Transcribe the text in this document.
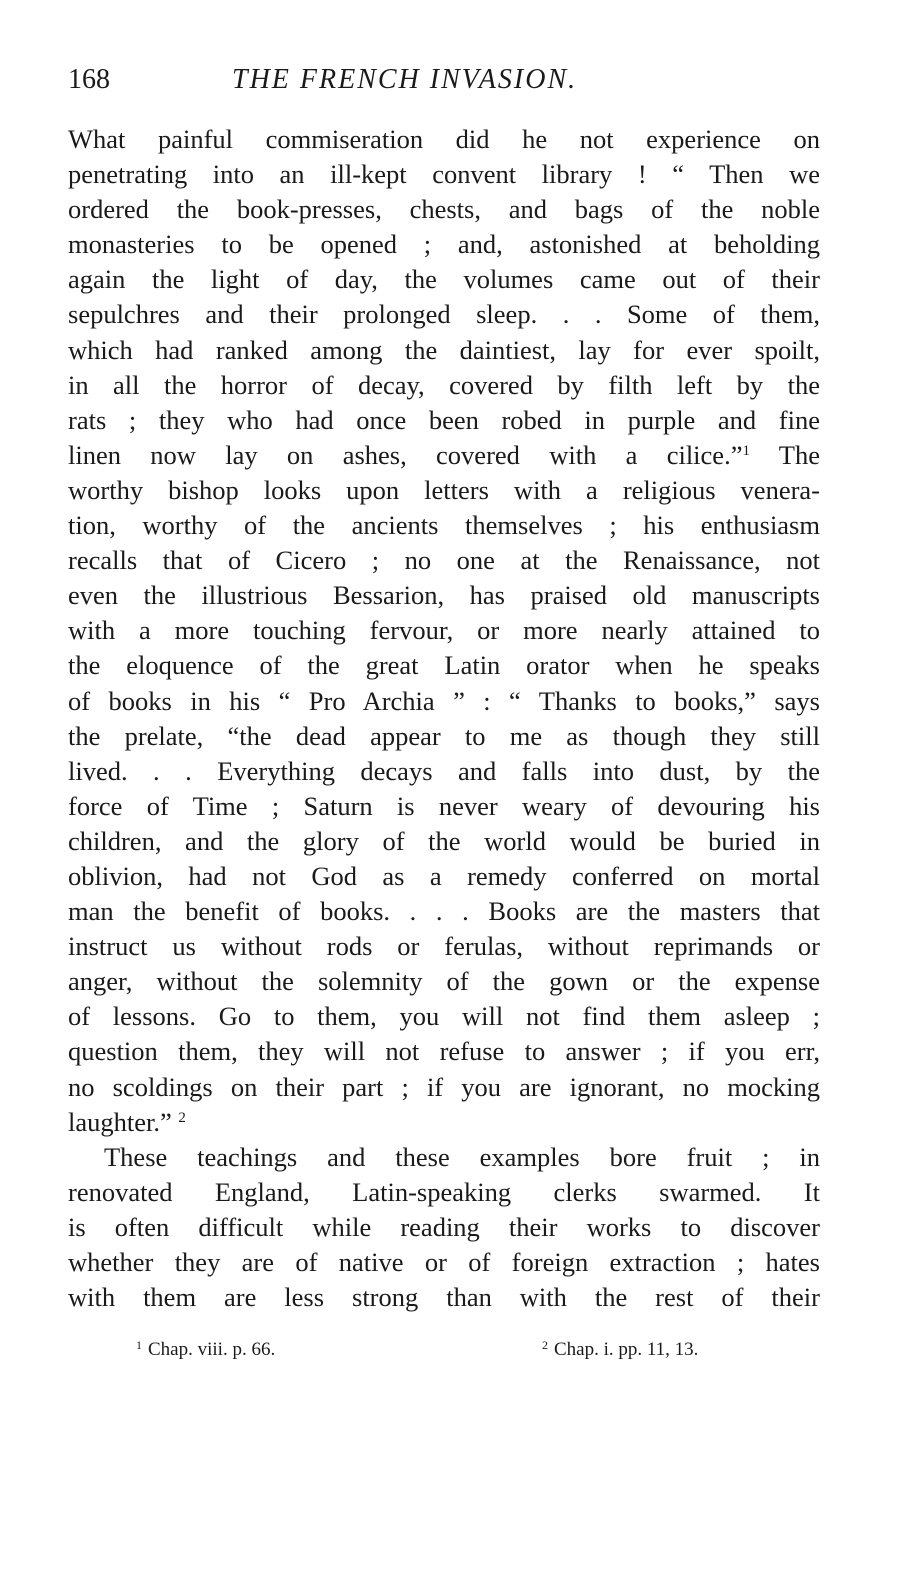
168	THE FRENCH INVASION.
What painful commiseration did he not experience on
penetrating into an ill-kept convent library ! “ Then we
ordered the book-presses, chests, and bags of the noble
monasteries to be opened ; and, astonished at beholding
again the light of day, the volumes came out of their
sepulchres and their prolonged sleep. . . Some of them,
which had ranked among the daintiest, lay for ever spoilt,
in all the horror of decay, covered by filth left by the
rats ; they who had once been robed in purple and fine
linen now lay on ashes, covered with a cilice.”$^1$ The
worthy bishop looks upon letters with a religious venera-
tion, worthy of the ancients themselves ; his enthusiasm
recalls that of Cicero ; no one at the Renaissance, not
even the illustrious Bessarion, has praised old manuscripts
with a more touching fervour, or more nearly attained to
the eloquence of the great Latin orator when he speaks
of books in his “ Pro Archia ” : “ Thanks to books,” says
the prelate, “the dead appear to me as though they still
lived. . . Everything decays and falls into dust, by the
force of Time ; Saturn is never weary of devouring his
children, and the glory of the world would be buried in
oblivion, had not God as a remedy conferred on mortal
man the benefit of books. . . . Books are the masters that
instruct us without rods or ferulas, without reprimands or
anger, without the solemnity of the gown or the expense
of lessons. Go to them, you will not find them asleep ;
question them, they will not refuse to answer ; if you err,
no scoldings on their part ; if you are ignorant, no mocking
laughter.” $^2$
These teachings and these examples bore fruit ; in
renovated England, Latin-speaking clerks swarmed. It
is often difficult while reading their works to discover
whether they are of native or of foreign extraction ; hates
with them are less strong than with the rest of their
$^1$ Chap. viii. p. 66.	$^2$ Chap. i. pp. 11, 13.
